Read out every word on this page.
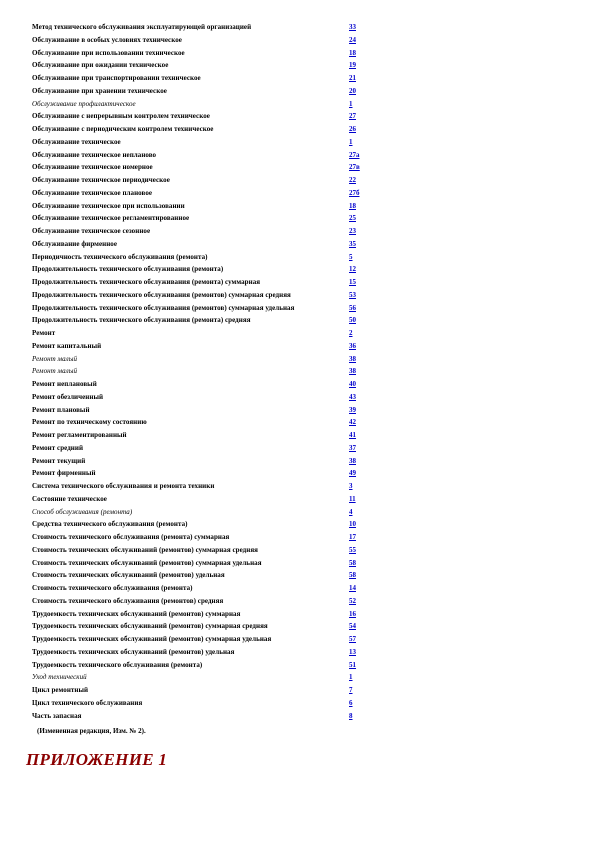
Метод технического обслуживания эксплуатирующей организацией	33
Обслуживание в особых условиях техническое	24
Обслуживание при использовании техническое	18
Обслуживание при ожидании техническое	19
Обслуживание при транспортировании техническое	21
Обслуживание при хранении техническое	20
Обслуживание профилактическое	1
Обслуживание с непрерывным контролем техническое	27
Обслуживание с периодическим контролем техническое	26
Обслуживание техническое	1
Обслуживание техническое непланово	27а
Обслуживание техническое номерное	27в
Обслуживание техническое периодическое	22
Обслуживание техническое плановое	27б
Обслуживание техническое при использовании	18
Обслуживание техническое регламентированное	25
Обслуживание техническое сезонное	23
Обслуживание фирменное	35
Периодичность технического обслуживания (ремонта)	5
Продолжительность технического обслуживания (ремонта)	12
Продолжительность технического обслуживания (ремонта) суммарная	15
Продолжительность технического обслуживания (ремонтов) суммарная средняя	53
Продолжительность технического обслуживания (ремонтов) суммарная удельная	56
Продолжительность технического обслуживания (ремонта) средняя	50
Ремонт	2
Ремонт капитальный	36
Ремонт малый	38
Ремонт малый	38
Ремонт неплановый	40
Ремонт обезличенный	43
Ремонт плановый	39
Ремонт по техническому состоянию	42
Ремонт регламентированный	41
Ремонт средний	37
Ремонт текущий	38
Ремонт фирменный	49
Система технического обслуживания и ремонта техники	3
Состояние техническое	11
Способ обслуживания (ремонта)	4
Средства технического обслуживания (ремонта)	10
Стоимость технического обслуживания (ремонта) суммарная	17
Стоимость технических обслуживаний (ремонтов) суммарная средняя	55
Стоимость технических обслуживаний (ремонтов) суммарная удельная	58
Стоимость технических обслуживаний (ремонтов) удельная	58
Стоимость технического обслуживания (ремонта)	14
Стоимость технического обслуживания (ремонтов) средняя	52
Трудоемкость технических обслуживаний (ремонтов) суммарная	16
Трудоемкость технических обслуживаний (ремонтов) суммарная средняя	54
Трудоемкость технических обслуживаний (ремонтов) суммарная удельная	57
Трудоемкость технических обслуживаний (ремонтов) удельная	13
Трудоемкость технического обслуживания (ремонта)	51
Уход технический	1
Цикл ремонтный	7
Цикл технического обслуживания	6
Часть запасная	8
(Измененная редакция, Изм. № 2).
ПРИЛОЖЕНИЕ 1
